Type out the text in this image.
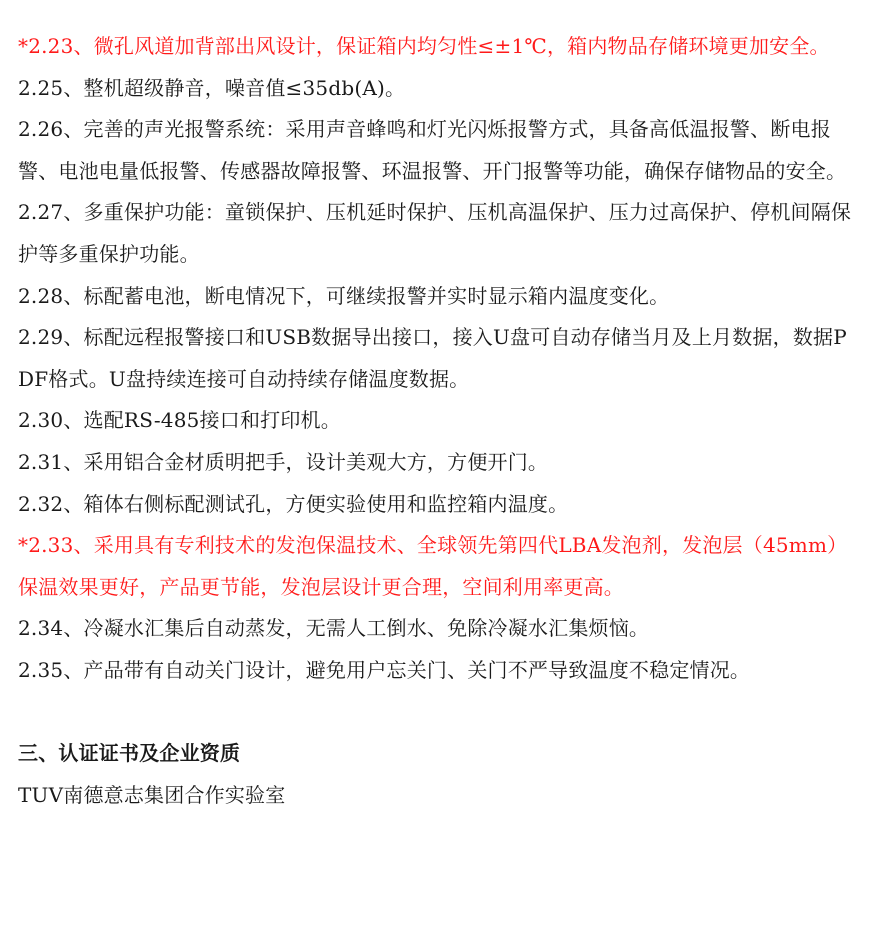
*2.23、微孔风道加背部出风设计，保证箱内均匀性≤±1℃，箱内物品存储环境更加安全。

2.25、整机超级静音，噪音值≤35db(A)。

2.26、完善的声光报警系统：采用声音蜂鸣和灯光闪烁报警方式，具备高低温报警、断电报警、电池电量低报警、传感器故障报警、环温报警、开门报警等功能，确保存储物品的安全。

2.27、多重保护功能：童锁保护、压机延时保护、压机高温保护、压力过高保护、停机间隔保护等多重保护功能。

2.28、标配蓄电池，断电情况下，可继续报警并实时显示箱内温度变化。

2.29、标配远程报警接口和USB数据导出接口，接入U盘可自动存储当月及上月数据，数据PDF格式。U盘持续连接可自动持续存储温度数据。

2.30、选配RS-485接口和打印机。

2.31、采用铝合金材质明把手，设计美观大方，方便开门。

2.32、箱体右侧标配测试孔，方便实验使用和监控箱内温度。

*2.33、采用具有专利技术的发泡保温技术、全球领先第四代LBA发泡剂，发泡层（45mm）保温效果更好，产品更节能，发泡层设计更合理，空间利用率更高。

2.34、冷凝水汇集后自动蒸发，无需人工倒水、免除冷凝水汇集烦恼。

2.35、产品带有自动关门设计，避免用户忘关门、关门不严导致温度不稳定情况。

三、认证证书及企业资质

TUV南德意志集团合作实验室
